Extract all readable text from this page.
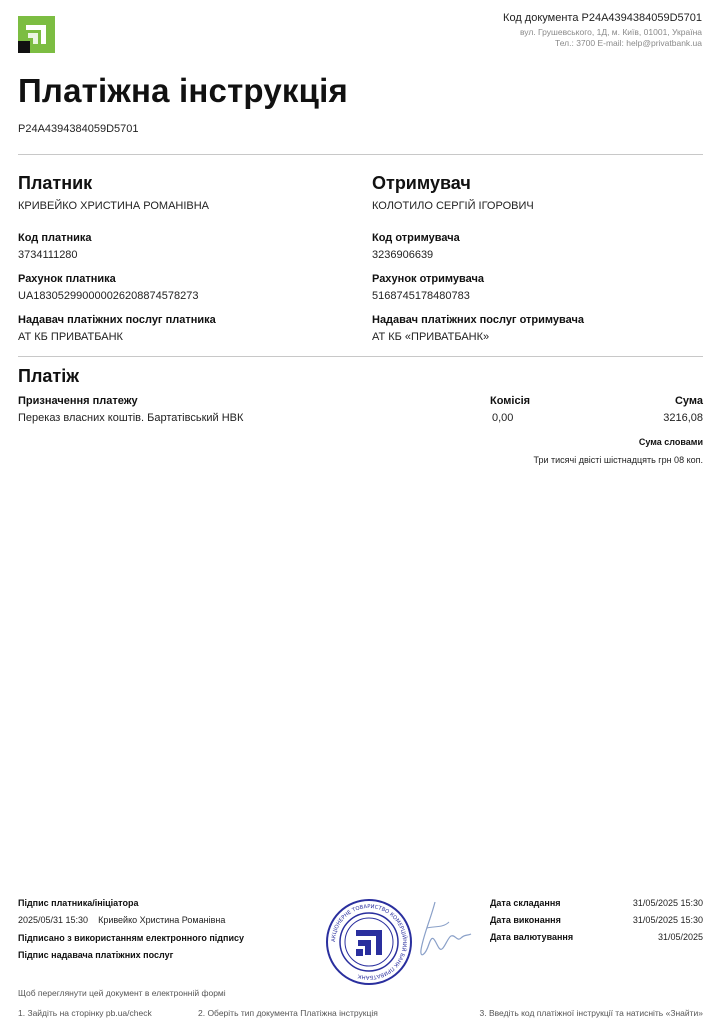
Код документа P24A4394384059D5701
вул. Грушевського, 1Д, м. Київ, 01001, Україна
Тел.: 3700 E-mail: help@privatbank.ua
Платіжна інструкція
P24A4394384059D5701
Платник
КРИВЕЙКО ХРИСТИНА РОМАНІВНА
Код платника
3734111280
Рахунок платника
UA183052990000026208874578273
Надавач платіжних послуг платника
АТ КБ ПРИВАТБАНК
Отримувач
КОЛОТИЛО СЕРГІЙ ІГОРОВИЧ
Код отримувача
3236906639
Рахунок отримувача
5168745178480783
Надавач платіжних послуг отримувача
АТ КБ «ПРИВАТБАНК»
Платіж
Призначення платежу
Переказ власних коштів. Бартатівський НВК
Комісія
0,00
Сума
3216,08
Сума словами
Три тисячі двісті шістнадцять грн 08 коп.
Підпис платника/ініціатора
2025/05/31 15:30 Кривейко Христина Романівна
Підписано з використанням електронного підпису
Підпис надавача платіжних послуг
АКЦІОНЕРНЕ ТОВАРИСТВО КОМЕРЦІЙНИЙ БАНК ПРИВАТБАНК
Дата складання	31/05/2025 15:30
Дата виконання	31/05/2025 15:30
Дата валютування	31/05/2025
Щоб переглянути цей документ в електронній формі
1. Зайдіть на сторінку pb.ua/check	2. Оберіть тип документа Платіжна інструкція	3. Введіть код платіжної інструкції та натисніть «Знайти»
